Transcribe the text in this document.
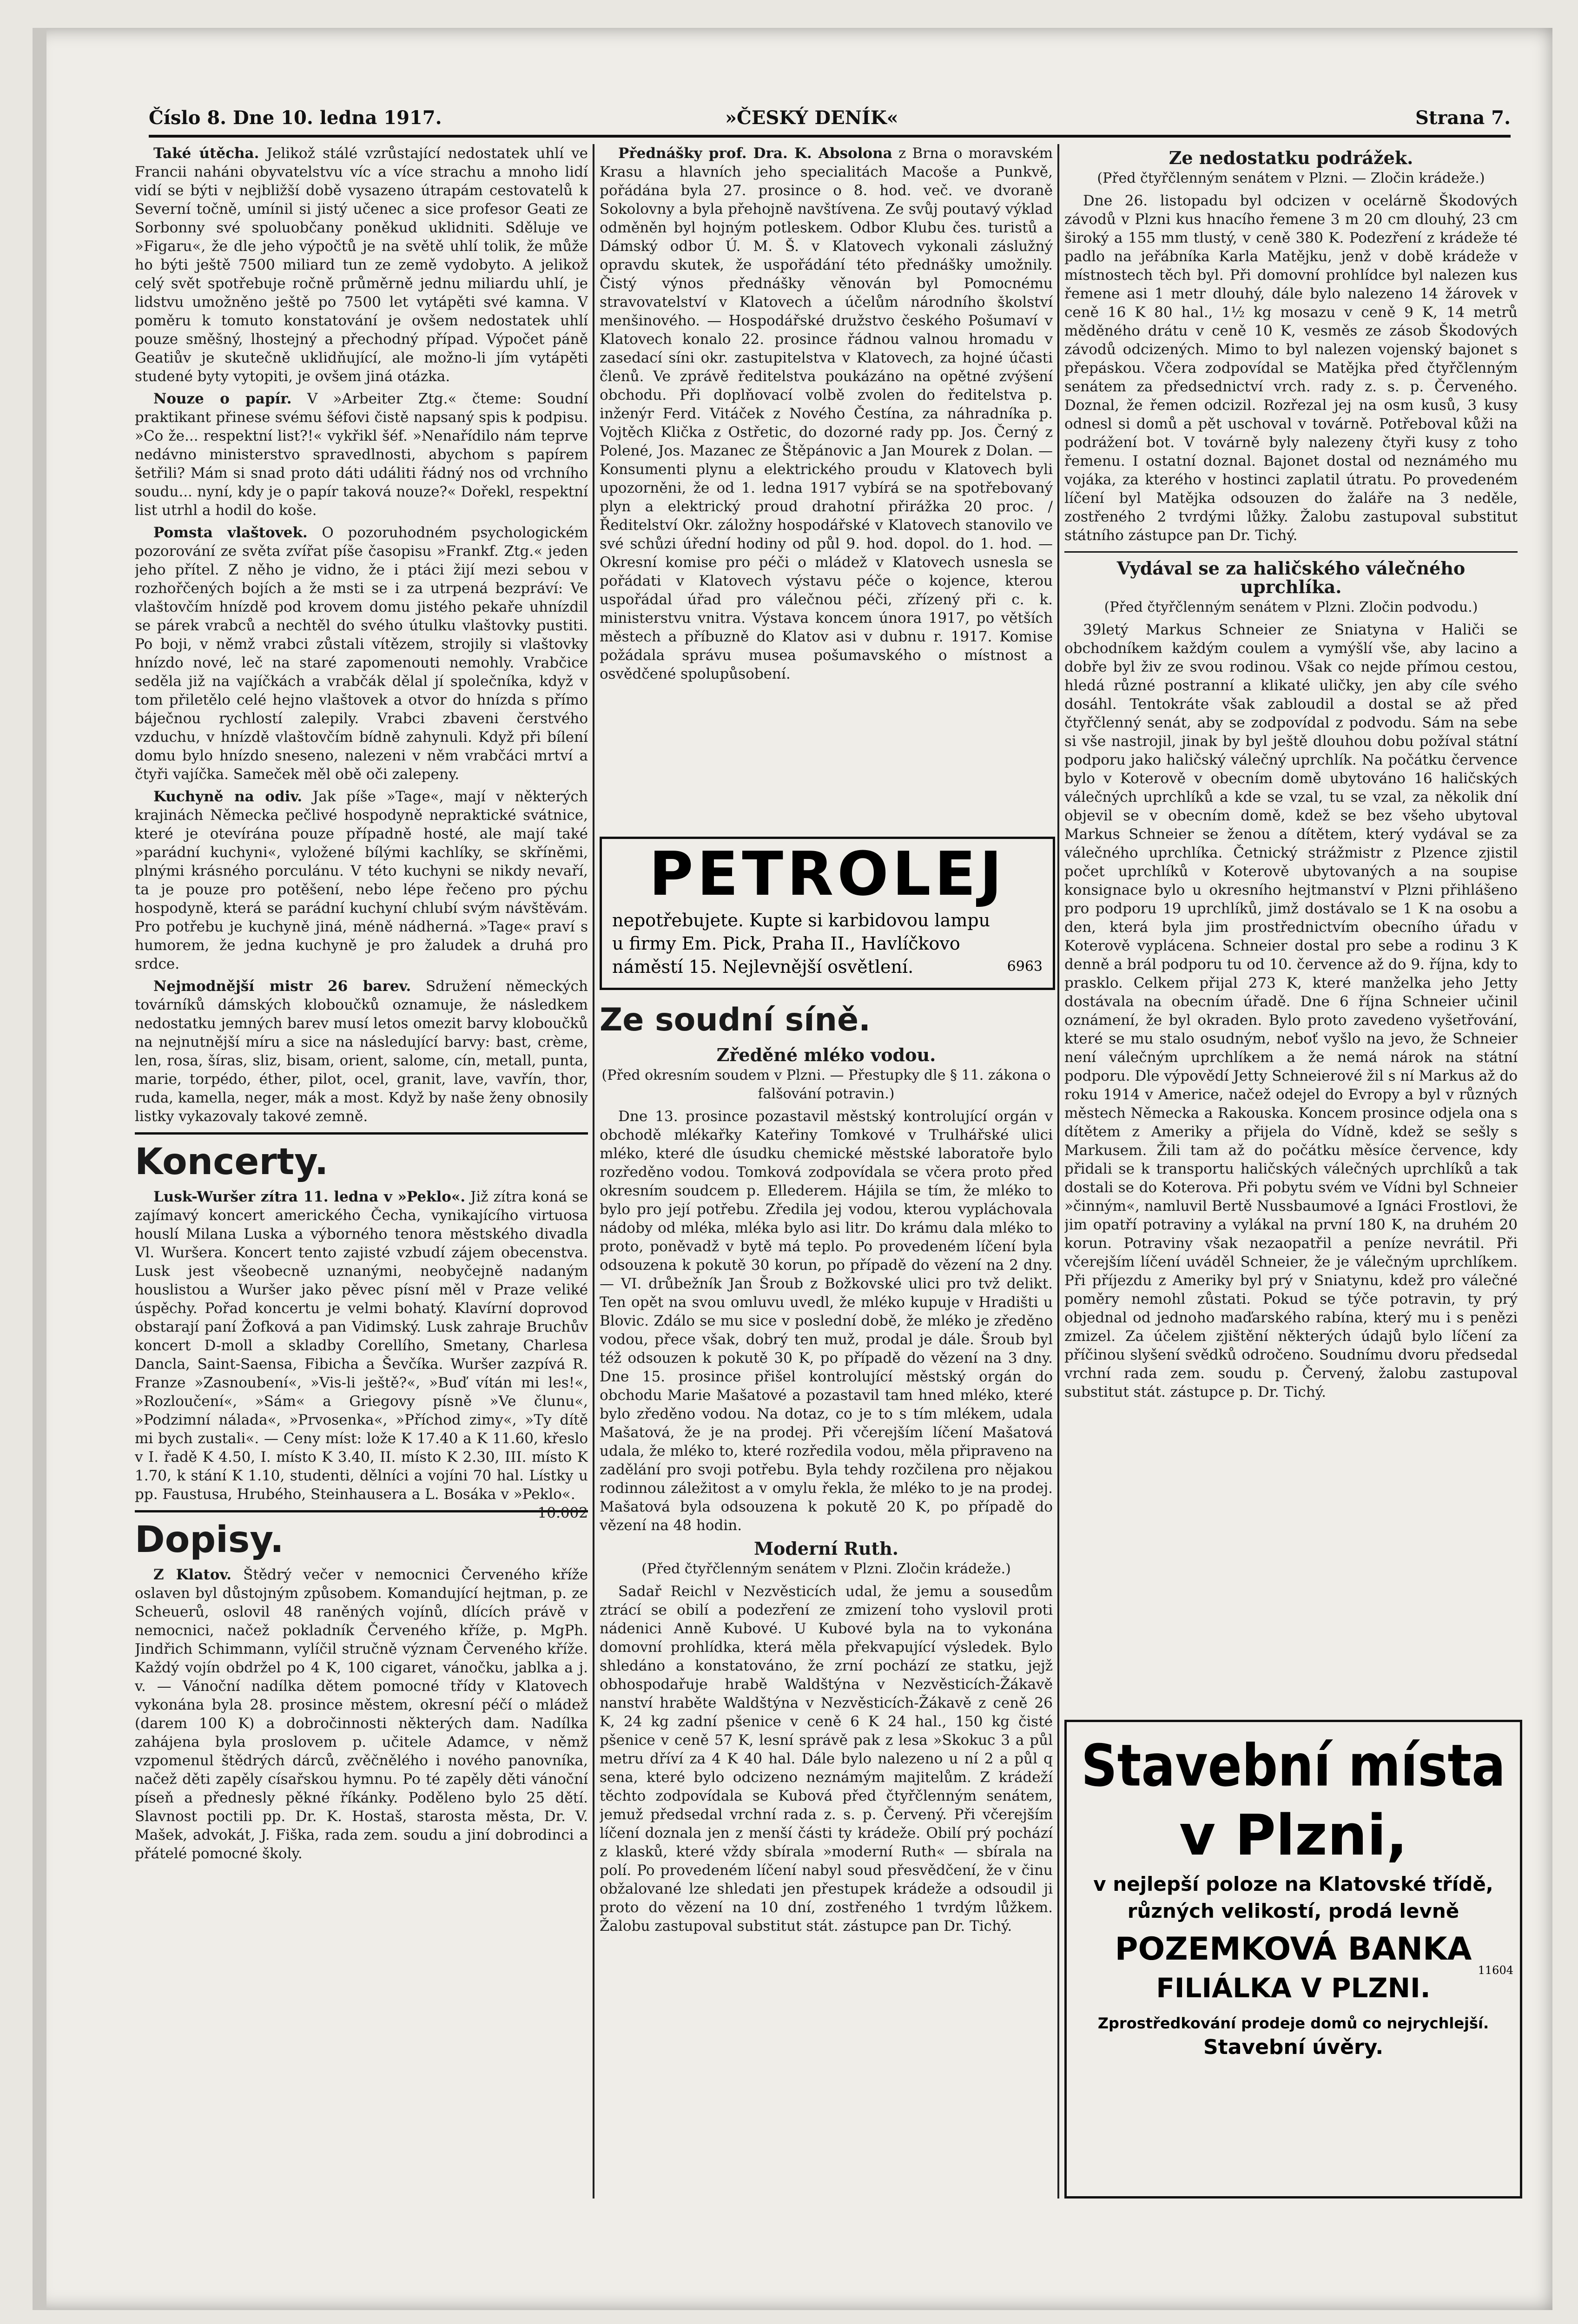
Číslo 8. Dne 10. ledna 1917.	»ČESKÝ DENÍK«	Strana 7.

Také útěcha. Jelikož stálé vzrůstající nedostatek uhlí ve Francii naháni obyvatelstvu víc a více strachu a mnoho lidí vidí se býti v nejbližší době vysazeno útrapám cestovatelů k Severní točně, umínil si jistý učenec a sice profesor Geati ze Sorbonny své spoluobčany poněkud uklidniti. Sděluje ve »Figaru«, že dle jeho výpočtů je na světě uhlí tolik, že může ho býti ještě 7500 miliard tun ze země vydobyto. A jelikož celý svět spotřebuje ročně průměrně jednu miliardu uhlí, je lidstvu umožněno ještě po 7500 let vytápěti své kamna. V poměru k tomuto konstatování je ovšem nedostatek uhlí pouze směšný, lhostejný a přechodný případ. Výpočet páně Geatiův je skutečně uklidňující, ale možno-li jím vytápěti studené byty vytopiti, je ovšem jiná otázka.

Nouze o papír. V »Arbeiter Ztg.« čteme: Soudní praktikant přinese svému šéfovi čistě napsaný spis k podpisu. »Co že... respektní list?!« vykřikl šéf. »Nenařídilo nám teprve nedávno ministerstvo spravedlnosti, abychom s papírem šetřili? Mám si snad proto dáti událiti řádný nos od vrchního soudu... nyní, kdy je o papír taková nouze?« Dořekl, respektní list utrhl a hodil do koše.

Pomsta vlaštovek. O pozoruhodném psychologickém pozorování ze světa zvířat píše časopisu »Frankf. Ztg.« jeden jeho přítel. Z něho je vidno, že i ptáci žijí mezi sebou v rozhořčených bojích a že msti se i za utrpená bezpráví: Ve vlaštovčím hnízdě pod krovem domu jistého pekaře uhnízdil se párek vrabců a nechtěl do svého útulku vlaštovky pustiti. Po boji, v němž vrabci zůstali vítězem, strojily si vlaštovky hnízdo nové, leč na staré zapomenouti nemohly. Vrabčice seděla již na vajíčkách a vrabčák dělal jí společníka, když v tom přiletělo celé hejno vlaštovek a otvor do hnízda s přímo báječnou rychlostí zalepily. Vrabci zbaveni čerstvého vzduchu, v hnízdě vlaštovčím bídně zahynuli. Když při bílení domu bylo hnízdo sneseno, nalezeni v něm vrabčáci mrtví a čtyři vajíčka. Sameček měl obě oči zalepeny.

Kuchyně na odiv. Jak píše »Tage«, mají v některých krajinách Německa pečlivé hospodyně nepraktické svátnice, které je otevírána pouze případně hosté, ale mají také »parádní kuchyni«, vyložené bílými kachlíky, se skříněmi, plnými krásného porculánu. V této kuchyni se nikdy nevaří, ta je pouze pro potěšení, nebo lépe řečeno pro pýchu hospodyně, která se parádní kuchyní chlubí svým návštěvám. Pro potřebu je kuchyně jiná, méně nádherná. »Tage« praví s humorem, že jedna kuchyně je pro žaludek a druhá pro srdce.

Nejmodnější mistr 26 barev. Sdružení německých továrníků dámských kloboučků oznamuje, že následkem nedostatku jemných barev musí letos omezit barvy kloboučků na nejnutnější míru a sice na následující barvy: bast, crème, len, rosa, šíras, sliz, bisam, orient, salome, cín, metall, punta, marie, torpédo, éther, pilot, ocel, granit, lave, vavřín, thor, ruda, kamella, neger, mák a most. Když by naše ženy obnosily listky vykazovaly takové zemně.

Koncerty.

Lusk-Wuršer zítra 11. ledna v »Peklo«. Již zítra koná se zajímavý koncert amerického Čecha, vynikajícího virtuosa houslí Milana Luska a výborného tenora městského divadla Vl. Wuršera. Koncert tento zajisté vzbudí zájem obecenstva. Lusk jest všeobecně uznanými, neobyčejně nadaným houslistou a Wuršer jako pěvec písní měl v Praze veliké úspěchy. Pořad koncertu je velmi bohatý. Klavírní doprovod obstarají paní Žofková a pan Vidimský. Lusk zahraje Bruchův koncert D-moll a skladby Corellího, Smetany, Charlesa Dancla, Saint-Saensa, Fibicha a Ševčíka. Wuršer zazpívá R. Franze »Zasnoubení«, »Vis-li ještě?«, »Buď vítán mi les!«, »Rozloučení«, »Sám« a Griegovy písně »Ve člunu«, »Podzimní nálada«, »Prvosenka«, »Příchod zimy«, »Ty dítě mi bych zustali«. — Ceny míst: lože K 17.40 a K 11.60, křeslo v I. řadě K 4.50, I. místo K 3.40, II. místo K 2.30, III. místo K 1.70, k stání K 1.10, studenti, dělníci a vojíni 70 hal. Lístky u pp. Faustusa, Hrubého, Steinhausera a L. Bosáka v »Peklo«.
10.002

Dopisy.

Z Klatov. Štědrý večer v nemocnici Červeného kříže oslaven byl důstojným způsobem. Komandující hejtman, p. ze Scheuerů, oslovil 48 raněných vojínů, dlících právě v nemocnici, načež pokladník Červeného kříže, p. MgPh. Jindřich Schimmann, vylíčil stručně význam Červeného kříže. Každý vojín obdržel po 4 K, 100 cigaret, vánočku, jablka a j. v. — Vánoční nadílka dětem pomocné třídy v Klatovech vykonána byla 28. prosince městem, okresní péčí o mládež (darem 100 K) a dobročinnosti některých dam. Nadílka zahájena byla proslovem p. učitele Adamce, v němž vzpomenul štědrých dárců, zvěčnělého i nového panovníka, načež děti zapěly císařskou hymnu. Po té zapěly děti vánoční píseň a přednesly pěkné říkánky. Poděleno bylo 25 dětí. Slavnost poctili pp. Dr. K. Hostaš, starosta města, Dr. V. Mašek, advokát, J. Fiška, rada zem. soudu a jiní dobrodinci a přátelé pomocné školy.

Přednášky prof. Dra. K. Absolona z Brna o moravském Krasu a hlavních jeho specialitách Macoše a Punkvě, pořádána byla 27. prosince o 8. hod. več. ve dvoraně Sokolovny a byla přehojně navštívena. Ze svůj poutavý výklad odměněn byl hojným potleskem. Odbor Klubu čes. turistů a Dámský odbor Ú. M. Š. v Klatovech vykonali záslužný opravdu skutek, že uspořádání této přednášky umožnily. Čistý výnos přednášky věnován byl Pomocnému stravovatelství v Klatovech a účelům národního školství menšinového. — Hospodářské družstvo českého Pošumaví v Klatovech konalo 22. prosince řádnou valnou hromadu v zasedací síni okr. zastupitelstva v Klatovech, za hojné účasti členů. Ve zprávě ředitelstva poukázáno na opětné zvýšení obchodu. Při doplňovací volbě zvolen do ředitelstva p. inženýr Ferd. Vitáček z Nového Čestína, za náhradníka p. Vojtěch Klička z Ostřetic, do dozorné rady pp. Jos. Černý z Polené, Jos. Mazanec ze Štěpánovic a Jan Mourek z Dolan. — Konsumenti plynu a elektrického proudu v Klatovech byli upozorněni, že od 1. ledna 1917 vybírá se na spotřebovaný plyn a elektrický proud drahotní přirážka 20 proc. / Ředitelství Okr. záložny hospodářské v Klatovech stanovilo ve své schůzi úřední hodiny od půl 9. hod. dopol. do 1. hod. — Okresní komise pro péči o mládež v Klatovech usnesla se pořádati v Klatovech výstavu péče o kojence, kterou uspořádal úřad pro válečnou péči, zřízený při c. k. ministerstvu vnitra. Výstava koncem února 1917, po větších městech a příbuzně do Klatov asi v dubnu r. 1917. Komise požádala správu musea pošumavského o místnost a osvědčené spolupůsobení.

PETROLEJ
nepotřebujete. Kupte si karbidovou lampu
u firmy Em. Pick, Praha II., Havlíčkovo
náměstí 15. Nejlevnější osvětlení.	6963
Ze soudní síně.
Zředěné mléko vodou.

(Před okresním soudem v Plzni. — Přestupky dle § 11. zákona o falšování potravin.)

Dne 13. prosince pozastavil městský kontrolující orgán v obchodě mlékařky Kateřiny Tomkové v Trulhářské ulici mléko, které dle úsudku chemické městské laboratoře bylo rozředěno vodou. Tomková zodpovídala se včera proto před okresním soudcem p. Ellederem. Hájila se tím, že mléko to bylo pro její potřebu. Zředila jej vodou, kterou vypláchovala nádoby od mléka, mléka bylo asi litr. Do krámu dala mléko to proto, poněvadž v bytě má teplo. Po provedeném líčení byla odsouzena k pokutě 30 korun, po případě do vězení na 2 dny. — VI. drůbežník Jan Šroub z Božkovské ulici pro tvž delikt. Ten opět na svou omluvu uvedl, že mléko kupuje v Hradišti u Blovic. Zdálo se mu sice v poslední době, že mléko je zředěno vodou, přece však, dobrý ten muž, prodal je dále. Šroub byl též odsouzen k pokutě 30 K, po případě do vězení na 3 dny. Dne 15. prosince přišel kontrolující městský orgán do obchodu Marie Mašatové a pozastavil tam hned mléko, které bylo zředěno vodou. Na dotaz, co je to s tím mlékem, udala Mašatová, že je na prodej. Při včerejším líčení Mašatová udala, že mléko to, které rozředila vodou, měla připraveno na zadělání pro svoji potřebu. Byla tehdy rozčilena pro nějakou rodinnou záležitost a v omylu řekla, že mléko to je na prodej. Mašatová byla odsouzena k pokutě 20 K, po případě do vězení na 48 hodin.

Moderní Ruth.

(Před čtyřčlenným senátem v Plzni. Zločin krádeže.)

Sadař Reichl v Nezvěsticích udal, že jemu a sousedům ztrácí se obilí a podezření ze zmizení toho vyslovil proti nádenici Anně Kubové. U Kubové byla na to vykonána domovní prohlídka, která měla překvapující výsledek. Bylo shledáno a konstatováno, že zrní pochází ze statku, jejž obhospodařuje hrabě Waldštýna v Nezvěsticích-Žákavě nanství hraběte Waldštýna v Nezvěsticích-Žákavě z ceně 26 K, 24 kg zadní pšenice v ceně 6 K 24 hal., 150 kg čisté pšenice v ceně 57 K, lesní správě pak z lesa »Skokuc 3 a půl metru dříví za 4 K 40 hal. Dále bylo nalezeno u ní 2 a půl q sena, které bylo odcizeno neznámým majitelům. Z krádeží těchto zodpovídala se Kubová před čtyřčlenným senátem, jemuž předsedal vrchní rada z. s. p. Červený. Při včerejším líčení doznala jen z menší části ty krádeže. Obilí prý pochází z klasků, které vždy sbírala »moderní Ruth« — sbírala na polí. Po provedeném líčení nabyl soud přesvědčení, že v činu obžalované lze shledati jen přestupek krádeže a odsoudil ji proto do vězení na 10 dní, zostřeného 1 tvrdým lůžkem. Žalobu zastupoval substitut stát. zástupce pan Dr. Tichý.

Ze nedostatku podrážek.

(Před čtyřčlenným senátem v Plzni. — Zločin krádeže.)

Dne 26. listopadu byl odcizen v ocelárně Škodových závodů v Plzni kus hnacího řemene 3 m 20 cm dlouhý, 23 cm široký a 155 mm tlustý, v ceně 380 K. Podezření z krádeže té padlo na jeřábníka Karla Matějku, jenž v době krádeže v místnostech těch byl. Při domovní prohlídce byl nalezen kus řemene asi 1 metr dlouhý, dále bylo nalezeno 14 žárovek v ceně 16 K 80 hal., 1½ kg mosazu v ceně 9 K, 14 metrů měděného drátu v ceně 10 K, vesměs ze zásob Škodových závodů odcizených. Mimo to byl nalezen vojenský bajonet s přepáskou. Včera zodpovídal se Matějka před čtyřčlenným senátem za předsednictví vrch. rady z. s. p. Červeného. Doznal, že řemen odcizil. Rozřezal jej na osm kusů, 3 kusy odnesl si domů a pět uschoval v továrně. Potřeboval kůži na podrážení bot. V továrně byly nalezeny čtyři kusy z toho řemenu. I ostatní doznal. Bajonet dostal od neznámého mu vojáka, za kterého v hostinci zaplatil útratu. Po provedeném líčení byl Matějka odsouzen do žaláře na 3 neděle, zostřeného 2 tvrdými lůžky. Žalobu zastupoval substitut státního zástupce pan Dr. Tichý.

Vydával se za haličského válečného uprchlíka.

(Před čtyřčlenným senátem v Plzni. Zločin podvodu.)

39letý Markus Schneier ze Sniatyna v Haliči se obchodníkem každým coulem a vymýšlí vše, aby lacino a dobře byl živ ze svou rodinou. Však co nejde přímou cestou, hledá různé postranní a klikaté uličky, jen aby cíle svého dosáhl. Tentokráte však zabloudil a dostal se až před čtyřčlenný senát, aby se zodpovídal z podvodu. Sám na sebe si vše nastrojil, jinak by byl ještě dlouhou dobu požíval státní podporu jako haličský válečný uprchlík. Na počátku července bylo v Koterově v obecním domě ubytováno 16 haličských válečných uprchlíků a kde se vzal, tu se vzal, za několik dní objevil se v obecním domě, kdež se bez všeho ubytoval Markus Schneier se ženou a dítětem, který vydával se za válečného uprchlíka. Četnický strážmistr z Plzence zjistil počet uprchlíků v Koterově ubytovaných a na soupise konsignace bylo u okresního hejtmanství v Plzni přihlášeno pro podporu 19 uprchlíků, jimž dostávalo se 1 K na osobu a den, která byla jim prostřednictvím obecního úřadu v Koterově vyplácena. Schneier dostal pro sebe a rodinu 3 K denně a brál podporu tu od 10. července až do 9. října, kdy to prasklo. Celkem přijal 273 K, které manželka jeho Jetty dostávala na obecním úřadě. Dne 6 října Schneier učinil oznámení, že byl okraden. Bylo proto zavedeno vyšetřování, které se mu stalo osudným, neboť vyšlo na jevo, že Schneier není válečným uprchlíkem a že nemá nárok na státní podporu. Dle výpovědí Jetty Schneierové žil s ní Markus až do roku 1914 v Americe, načež odejel do Evropy a byl v různých městech Německa a Rakouska. Koncem prosince odjela ona s dítětem z Ameriky a přijela do Vídně, kdež se sešly s Markusem. Žili tam až do počátku měsíce července, kdy přidali se k transportu haličských válečných uprchlíků a tak dostali se do Koterova. Při pobytu svém ve Vídni byl Schneier »činným«, namluvil Bertě Nussbaumové a Ignáci Frostlovi, že jim opatří potraviny a vylákal na první 180 K, na druhém 20 korun. Potraviny však nezaopatřil a peníze nevrátil. Při včerejším líčení uváděl Schneier, že je válečným uprchlíkem. Při příjezdu z Ameriky byl prý v Sniatynu, kdež pro válečné poměry nemohl zůstati. Pokud se týče potravin, ty prý objednal od jednoho maďarského rabína, který mu i s penězi zmizel. Za účelem zjištění některých údajů bylo líčení za příčinou slyšení svědků odročeno. Soudnímu dvoru předsedal vrchní rada zem. soudu p. Červený, žalobu zastupoval substitut stát. zástupce p. Dr. Tichý.

Stavební místa
v Plzni,
v nejlepší poloze na Klatovské třídě, různých velikostí, prodá levně
POZEMKOVÁ BANKA
FILIÁLKA V PLZNI.
Zprostředkování prodeje domů co nejrychlejší.
Stavební úvěry.
11604
